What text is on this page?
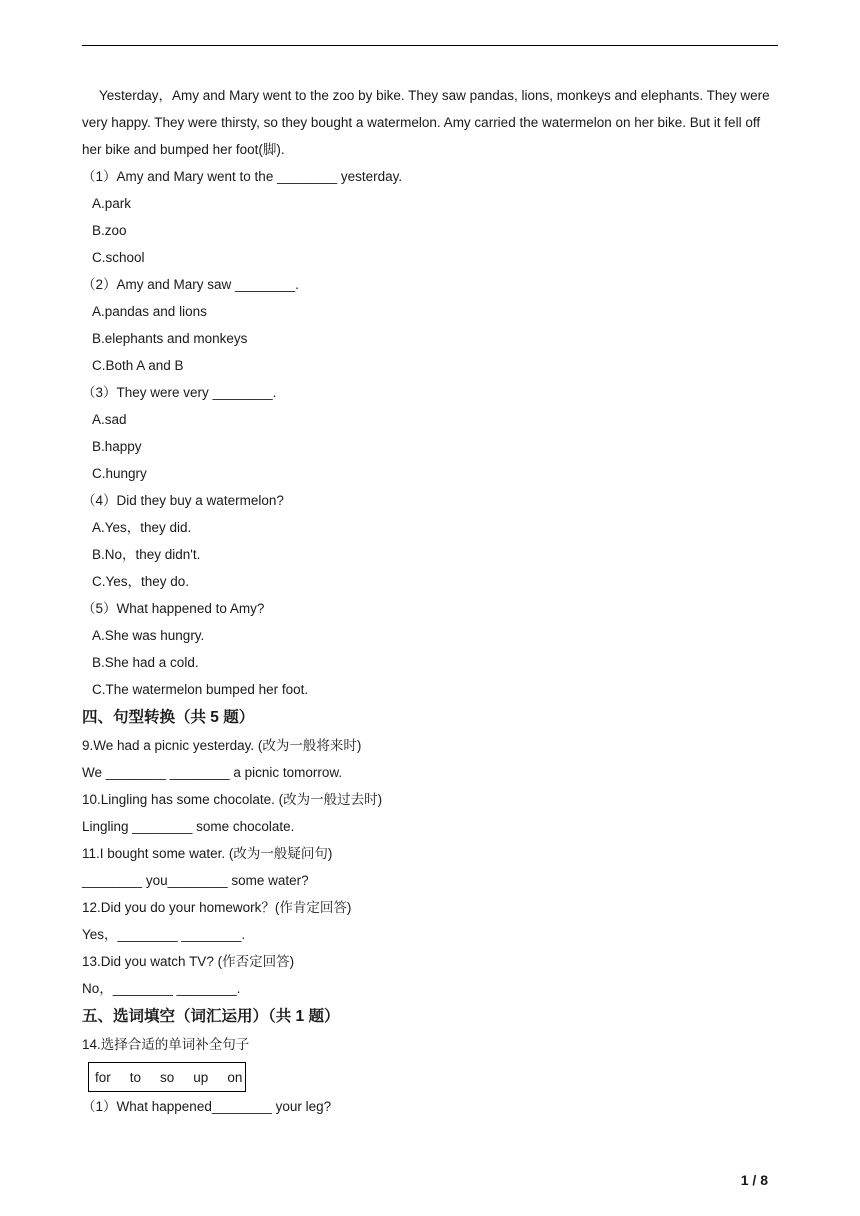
Yesterday，Amy and Mary went to the zoo by bike. They saw pandas, lions, monkeys and elephants. They were very happy. They were thirsty, so they bought a watermelon. Amy carried the watermelon on her bike. But it fell off her bike and bumped her foot(脚).

（1）Amy and Mary went to the ________ yesterday.
A.park
B.zoo
C.school
（2）Amy and Mary saw ________.
A.pandas and lions
B.elephants and monkeys
C.Both A and B
（3）They were very ________.
A.sad
B.happy
C.hungry
（4）Did they buy a watermelon?
A.Yes，they did.
B.No，they didn't.
C.Yes，they do.
（5）What happened to Amy?
A.She was hungry.
B.She had a cold.
C.The watermelon bumped her foot.
四、句型转换（共 5 题）
9.We had a picnic yesterday. (改为一般将来时)
We ________ ________ a picnic tomorrow.
10.Lingling has some chocolate. (改为一般过去时)
Lingling ________ some chocolate.
11.I bought some water. (改为一般疑问句)
________ you________ some water?
12.Did you do your homework？(作肯定回答)
Yes，________ ________.
13.Did you watch TV? (作否定回答)
No，________ ________.
五、选词填空（词汇运用）（共 1 题）
14.选择合适的单词补全句子
for to so up on
（1）What happened________ your leg?
1 / 8
